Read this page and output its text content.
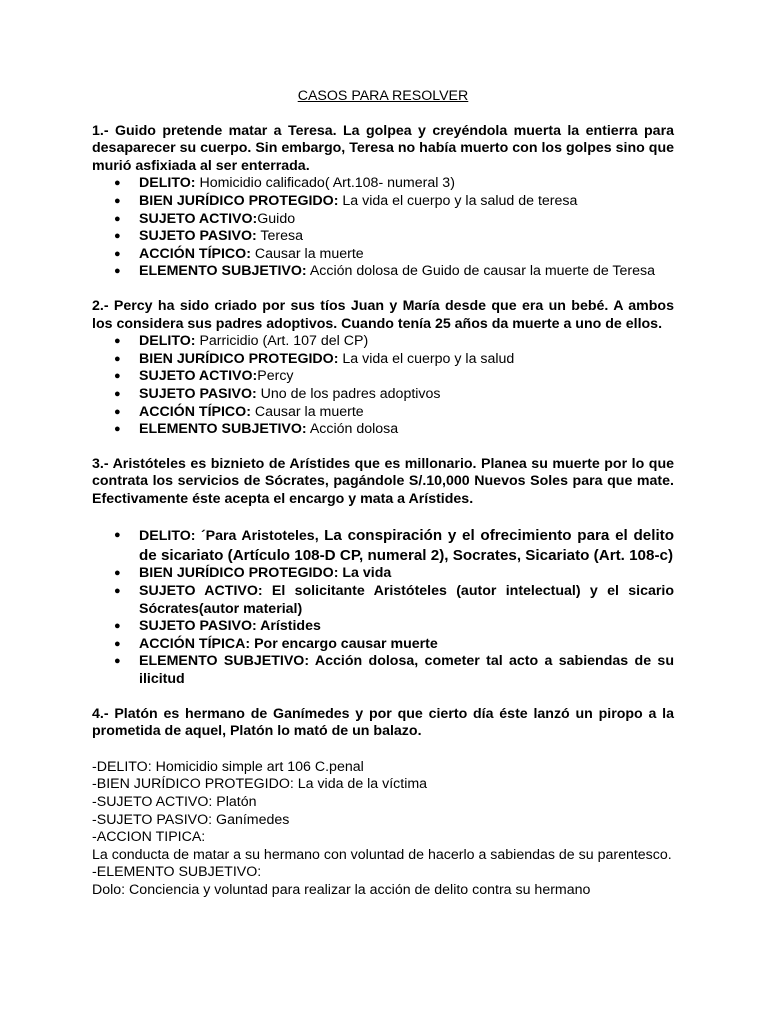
CASOS PARA RESOLVER

1.- Guido pretende matar a Teresa. La golpea y creyéndola muerta la entierra para desaparecer su cuerpo. Sin embargo, Teresa no había muerto con los golpes sino que murió asfixiada al ser enterrada.

● DELITO: Homicidio calificado( Art.108- numeral 3)
● BIEN JURÍDICO PROTEGIDO: La vida el cuerpo y la salud de teresa
● SUJETO ACTIVO:Guido
● SUJETO PASIVO: Teresa
● ACCIÓN TÍPICO: Causar la muerte
● ELEMENTO SUBJETIVO: Acción dolosa de Guido de causar la muerte de Teresa

2.- Percy ha sido criado por sus tíos Juan y María desde que era un bebé. A ambos los considera sus padres adoptivos. Cuando tenía 25 años da muerte a uno de ellos.

● DELITO: Parricidio (Art. 107 del CP)
● BIEN JURÍDICO PROTEGIDO: La vida el cuerpo y la salud
● SUJETO ACTIVO:Percy
● SUJETO PASIVO: Uno de los padres adoptivos
● ACCIÓN TÍPICO: Causar la muerte
● ELEMENTO SUBJETIVO: Acción dolosa

3.- Aristóteles es biznieto de Arístides que es millonario. Planea su muerte por lo que contrata los servicios de Sócrates, pagándole S/.10,000 Nuevos Soles para que mate. Efectivamente éste acepta el encargo y mata a Arístides.

● DELITO: ´Para Aristoteles, La conspiración y el ofrecimiento para el delito de sicariato (Artículo 108-D CP, numeral 2), Socrates, Sicariato (Art. 108-c)
● BIEN JURÍDICO PROTEGIDO: La vida
● SUJETO ACTIVO: El solicitante Aristóteles (autor intelectual) y el sicario Sócrates(autor material)
● SUJETO PASIVO: Arístides
● ACCIÓN TÍPICA: Por encargo causar muerte
● ELEMENTO SUBJETIVO: Acción dolosa, cometer tal acto a sabiendas de su ilicitud

4.- Platón es hermano de Ganímedes y por que cierto día éste lanzó un piropo a la prometida de aquel, Platón lo mató de un balazo.

-DELITO: Homicidio simple art 106 C.penal

-BIEN JURÍDICO PROTEGIDO: La vida de la víctima

-SUJETO ACTIVO: Platón

-SUJETO PASIVO: Ganímedes

-ACCION TIPICA:

La conducta de matar a su hermano con voluntad de hacerlo a sabiendas de su parentesco.

-ELEMENTO SUBJETIVO:

Dolo: Conciencia y voluntad para realizar la acción de delito contra su hermano
